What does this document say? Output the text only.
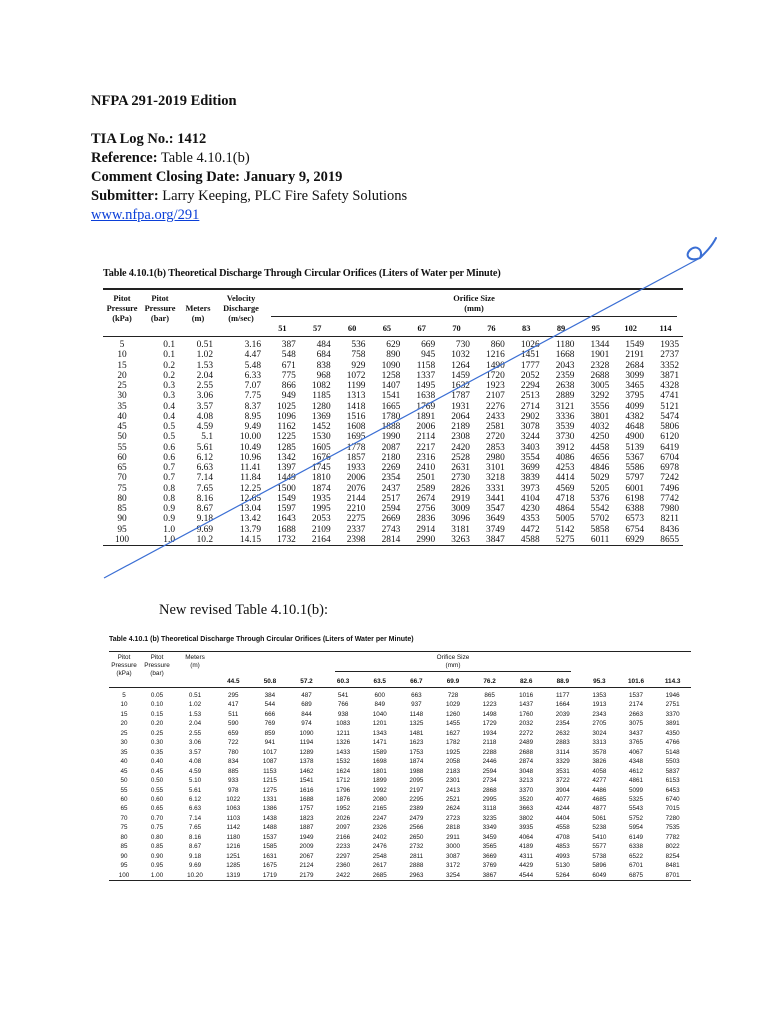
NFPA 291-2019 Edition
TIA Log No.: 1412
Reference: Table 4.10.1(b)
Comment Closing Date: January 9, 2019
Submitter: Larry Keeping, PLC Fire Safety Solutions
www.nfpa.org/291
Table 4.10.1(b) Theoretical Discharge Through Circular Orifices (Liters of Water per Minute)
Pitot
Pressure
(kPa)	Pitot
Pressure
(bar)	Meters
(m)	Velocity
Discharge
(m/sec)	Orifice Size
(mm)											

				51	57	60	65	67	70	76	83	89	95	102	114
5	0.1	0.51	3.16	387	484	536	629	669	730	860	1026	1180	1344	1549	1935
10	0.1	1.02	4.47	548	684	758	890	945	1032	1216	1451	1668	1901	2191	2737
15	0.2	1.53	5.48	671	838	929	1090	1158	1264	1490	1777	2043	2328	2684	3352
20	0.2	2.04	6.33	775	968	1072	1258	1337	1459	1720	2052	2359	2688	3099	3871
25	0.3	2.55	7.07	866	1082	1199	1407	1495	1632	1923	2294	2638	3005	3465	4328
30	0.3	3.06	7.75	949	1185	1313	1541	1638	1787	2107	2513	2889	3292	3795	4741
35	0.4	3.57	8.37	1025	1280	1418	1665	1769	1931	2276	2714	3121	3556	4099	5121
40	0.4	4.08	8.95	1096	1369	1516	1780	1891	2064	2433	2902	3336	3801	4382	5474
45	0.5	4.59	9.49	1162	1452	1608	1888	2006	2189	2581	3078	3539	4032	4648	5806
50	0.5	5.1	10.00	1225	1530	1695	1990	2114	2308	2720	3244	3730	4250	4900	6120
55	0.6	5.61	10.49	1285	1605	1778	2087	2217	2420	2853	3403	3912	4458	5139	6419
60	0.6	6.12	10.96	1342	1676	1857	2180	2316	2528	2980	3554	4086	4656	5367	6704
65	0.7	6.63	11.41	1397	1745	1933	2269	2410	2631	3101	3699	4253	4846	5586	6978
70	0.7	7.14	11.84	1449	1810	2006	2354	2501	2730	3218	3839	4414	5029	5797	7242
75	0.8	7.65	12.25	1500	1874	2076	2437	2589	2826	3331	3973	4569	5205	6001	7496
80	0.8	8.16	12.65	1549	1935	2144	2517	2674	2919	3441	4104	4718	5376	6198	7742
85	0.9	8.67	13.04	1597	1995	2210	2594	2756	3009	3547	4230	4864	5542	6388	7980
90	0.9	9.18	13.42	1643	2053	2275	2669	2836	3096	3649	4353	5005	5702	6573	8211
95	1.0	9.69	13.79	1688	2109	2337	2743	2914	3181	3749	4472	5142	5858	6754	8436
100	1.0	10.2	14.15	1732	2164	2398	2814	2990	3263	3847	4588	5275	6011	6929	8655
New revised Table 4.10.1(b):
Table 4.10.1 (b) Theoretical Discharge Through Circular Orifices (Liters of Water per Minute)
Pitot
Pressure
(kPa)	Pitot
Pressure
(bar)	Meters
(m)	Orifice Size
(mm)												

			44.5	50.8	57.2	60.3	63.5	66.7	69.9	76.2	82.6	88.9	95.3	101.6	114.3
5	0.05	0.51	295	384	487	541	600	663	728	865	1016	1177	1353	1537	1946
10	0.10	1.02	417	544	689	766	849	937	1029	1223	1437	1664	1913	2174	2751
15	0.15	1.53	511	666	844	938	1040	1148	1260	1498	1760	2039	2343	2663	3370
20	0.20	2.04	590	769	974	1083	1201	1325	1455	1729	2032	2354	2705	3075	3891
25	0.25	2.55	659	859	1090	1211	1343	1481	1627	1934	2272	2632	3024	3437	4350
30	0.30	3.06	722	941	1194	1326	1471	1623	1782	2118	2489	2883	3313	3765	4766
35	0.35	3.57	780	1017	1289	1433	1589	1753	1925	2288	2688	3114	3578	4067	5148
40	0.40	4.08	834	1087	1378	1532	1698	1874	2058	2446	2874	3329	3826	4348	5503
45	0.45	4.59	885	1153	1462	1624	1801	1988	2183	2594	3048	3531	4058	4612	5837
50	0.50	5.10	933	1215	1541	1712	1899	2095	2301	2734	3213	3722	4277	4861	6153
55	0.55	5.61	978	1275	1616	1796	1992	2197	2413	2868	3370	3904	4486	5099	6453
60	0.60	6.12	1022	1331	1688	1876	2080	2295	2521	2995	3520	4077	4685	5325	6740
65	0.65	6.63	1063	1386	1757	1952	2165	2389	2624	3118	3663	4244	4877	5543	7015
70	0.70	7.14	1103	1438	1823	2026	2247	2479	2723	3235	3802	4404	5061	5752	7280
75	0.75	7.65	1142	1488	1887	2097	2326	2566	2818	3349	3935	4558	5238	5954	7535
80	0.80	8.16	1180	1537	1949	2166	2402	2650	2911	3459	4064	4708	5410	6149	7782
85	0.85	8.67	1216	1585	2009	2233	2476	2732	3000	3565	4189	4853	5577	6338	8022
90	0.90	9.18	1251	1631	2067	2297	2548	2811	3087	3669	4311	4993	5738	6522	8254
95	0.95	9.69	1285	1675	2124	2360	2617	2888	3172	3769	4429	5130	5896	6701	8481
100	1.00	10.20	1319	1719	2179	2422	2685	2963	3254	3867	4544	5264	6049	6875	8701
